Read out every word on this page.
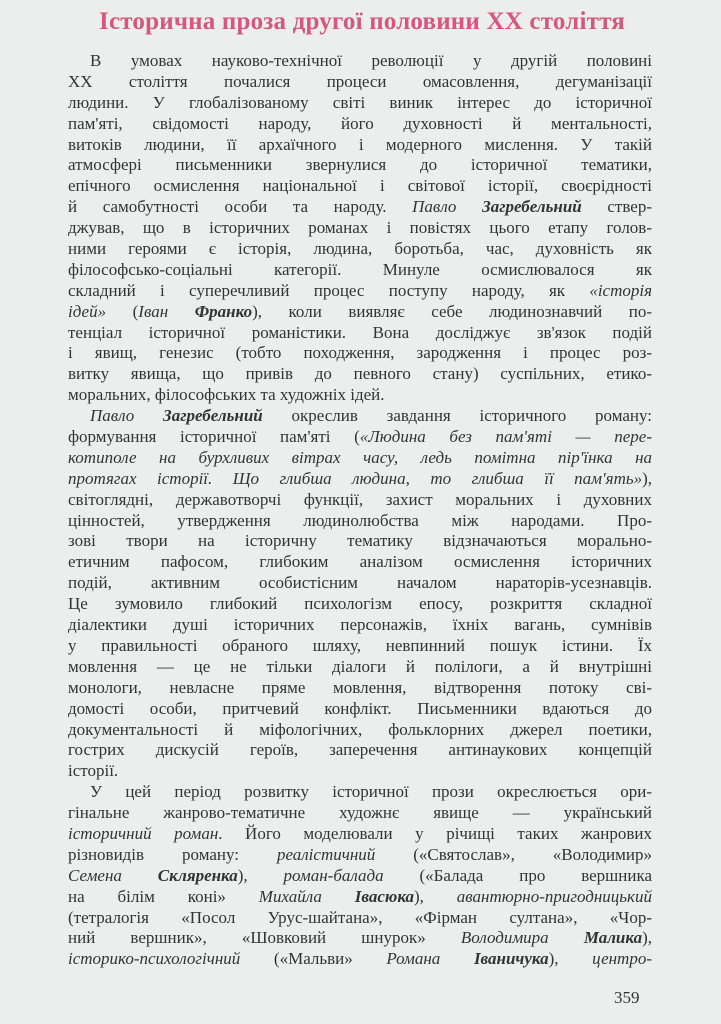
Історична проза другої половини XX століття
В умовах науково-технічної революції у другій половині
XX століття почалися процеси омасовлення, дегуманізації
людини. У глобалізованому світі виник інтерес до історичної
пам'яті, свідомості народу, його духовності й ментальності,
витоків людини, її архаїчного і модерного мислення. У такій
атмосфері письменники звернулися до історичної тематики,
епічного осмислення національної і світової історії, своєрідності
й самобутності особи та народу. Павло Загребельний ствер-
джував, що в історичних романах і повістях цього етапу голов-
ними героями є історія, людина, боротьба, час, духовність як
філософсько-соціальні категорії. Минуле осмислювалося як
складний і суперечливий процес поступу народу, як «історія
ідей» (Іван Франко), коли виявляє себе людинознавчий по-
тенціал історичної романістики. Вона досліджує зв'язок подій
і явищ, генезис (тобто походження, зародження і процес роз-
витку явища, що привів до певного стану) суспільних, етико-
моральних, філософських та художніх ідей.
Павло Загребельний окреслив завдання історичного роману:
формування історичної пам'яті («Людина без пам'яті — пере-
котиполе на бурхливих вітрах часу, ледь помітна пір'їнка на
протягах історії. Що глибша людина, то глибша її пам'ять»),
світоглядні, державотворчі функції, захист моральних і духовних
цінностей, утвердження людинолюбства між народами. Про-
зові твори на історичну тематику відзначаються морально-
етичним пафосом, глибоким аналізом осмислення історичних
подій, активним особистісним началом нараторів-усезнавців.
Це зумовило глибокий психологізм епосу, розкриття складної
діалектики душі історичних персонажів, їхніх вагань, сумнівів
у правильності обраного шляху, невпинний пошук істини. Їх
мовлення — це не тільки діалоги й полілоги, а й внутрішні
монологи, невласне пряме мовлення, відтворення потоку сві-
домості особи, притчевий конфлікт. Письменники вдаються до
документальності й міфологічних, фольклорних джерел поетики,
гострих дискусій героїв, заперечення антинаукових концепцій
історії.
У цей період розвитку історичної прози окреслюється ори-
гінальне жанрово-тематичне художнє явище — український
історичний роман. Його моделювали у річищі таких жанрових
різновидів роману: реалістичний («Святослав», «Володимир»
Семена Скляренка), роман-балада («Балада про вершника
на білім коні» Михайла Івасюка), авантюрно-пригодницький
(тетралогія «Посол Урус-шайтана», «Фірман султана», «Чор-
ний вершник», «Шовковий шнурок» Володимира Малика),
історико-психологічний («Мальви» Романа Іваничука), центро-
359
